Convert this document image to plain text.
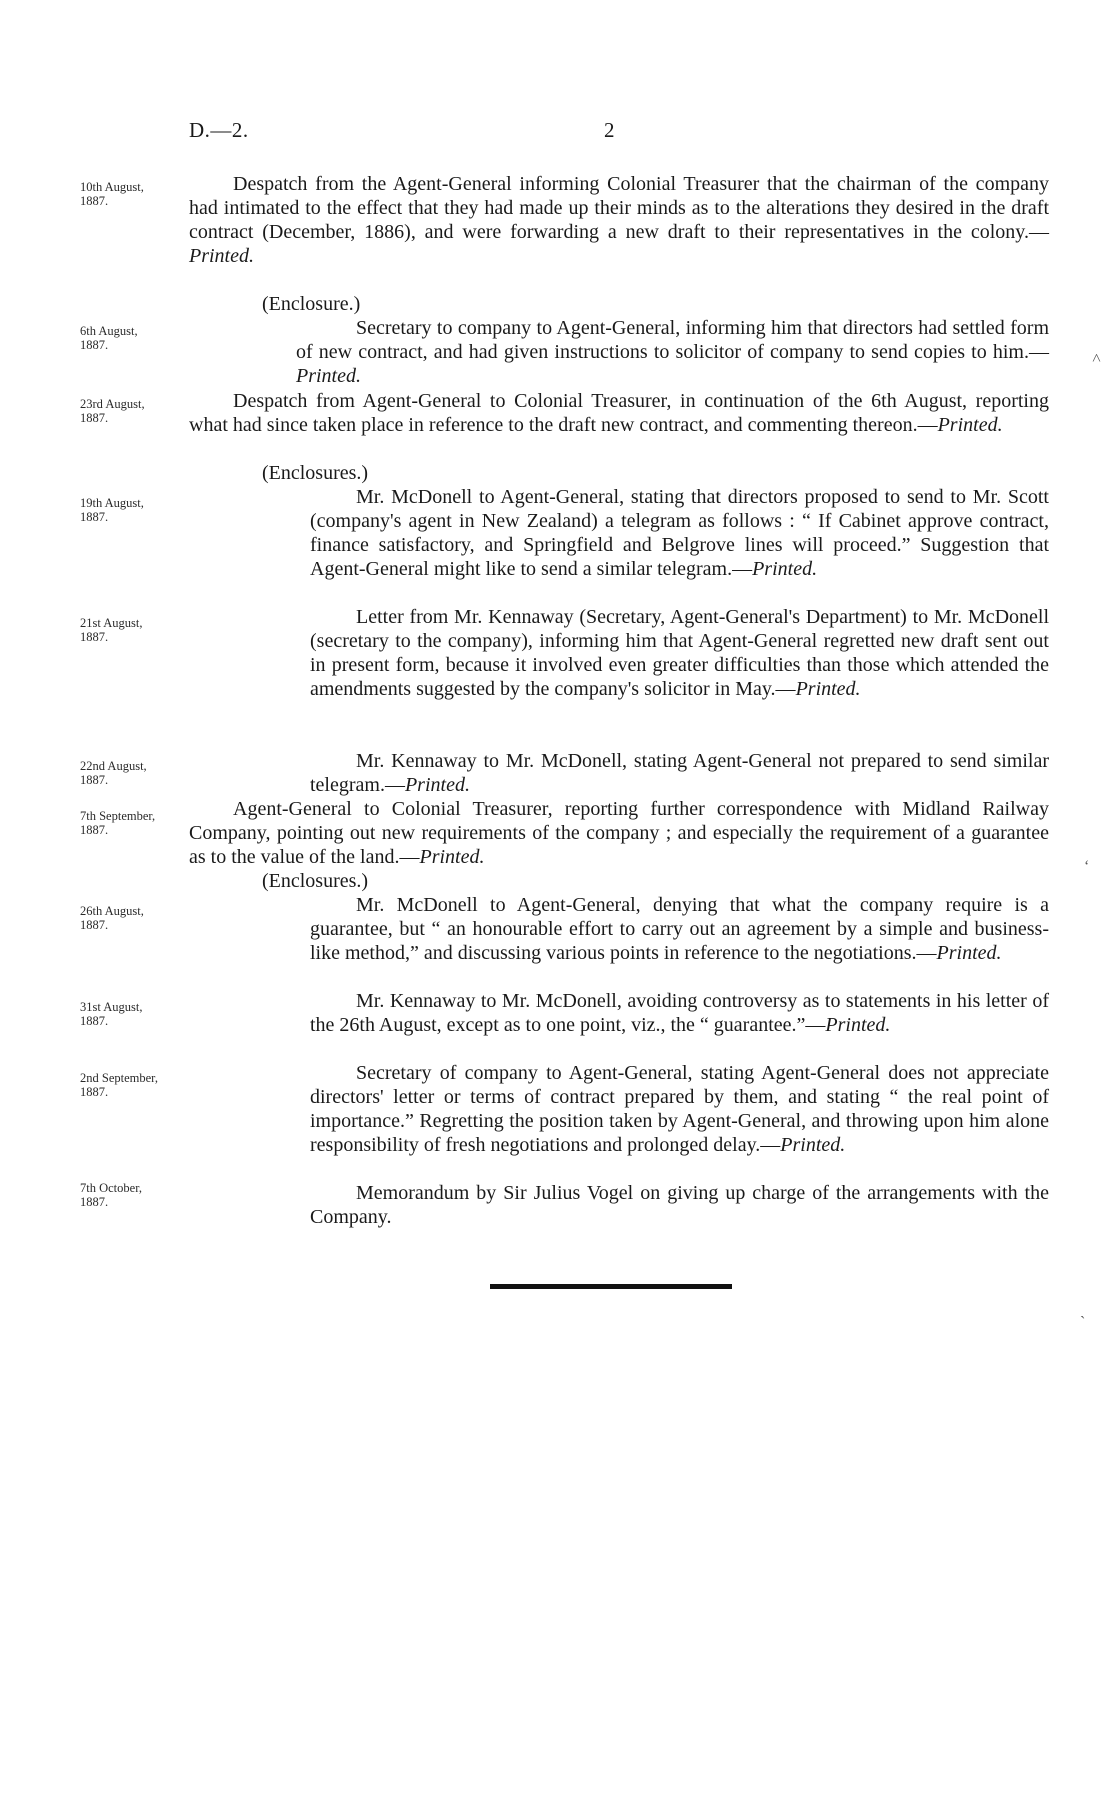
D.—2.	2
10th August,
1887.

Despatch from the Agent-General informing Colonial Treasurer that the chairman of the company had intimated to the effect that they had made up their minds as to the alterations they desired in the draft contract (December, 1886), and were forwarding a new draft to their representatives in the colony.—Printed.

(Enclosure.)
6th August,
1887.

Secretary to company to Agent-General, informing him that directors had settled form of new contract, and had given instructions to solicitor of company to send copies to him.—Printed.

23rd August,
1887.

Despatch from Agent-General to Colonial Treasurer, in continuation of the 6th August, reporting what had since taken place in reference to the draft new contract, and commenting thereon.—Printed.

(Enclosures.)
19th August,
1887.

Mr. McDonell to Agent-General, stating that directors proposed to send to Mr. Scott (company's agent in New Zealand) a telegram as follows : “ If Cabinet approve contract, finance satisfactory, and Springfield and Belgrove lines will proceed.” Suggestion that Agent-General might like to send a similar telegram.—Printed.

21st August,
1887.

Letter from Mr. Kennaway (Secretary, Agent-General's Department) to Mr. McDonell (secretary to the company), informing him that Agent-General regretted new draft sent out in present form, because it involved even greater difficulties than those which attended the amendments suggested by the company's solicitor in May.—Printed.

22nd August,
1887.

Mr. Kennaway to Mr. McDonell, stating Agent-General not prepared to send similar telegram.—Printed.

7th September, 1887.

Agent-General to Colonial Treasurer, reporting further correspondence with Midland Railway Company, pointing out new requirements of the company ; and especially the requirement of a guarantee as to the value of the land.—Printed.

(Enclosures.)
26th August,
1887.

Mr. McDonell to Agent-General, denying that what the company require is a guarantee, but “ an honourable effort to carry out an agreement by a simple and business-like method,” and discussing various points in reference to the negotiations.—Printed.

31st August,
1887.

Mr. Kennaway to Mr. McDonell, avoiding controversy as to statements in his letter of the 26th August, except as to one point, viz., the “ guarantee.”—Printed.

2nd September, 1887.

Secretary of company to Agent-General, stating Agent-General does not appreciate directors' letter or terms of contract prepared by them, and stating “ the real point of importance.” Regretting the position taken by Agent-General, and throwing upon him alone responsibility of fresh negotiations and prolonged delay.—Printed.

7th October,
1887.	Memorandum by Sir Julius Vogel on giving up charge of the arrangements with the Company.

˄
ʻ
ˎ
